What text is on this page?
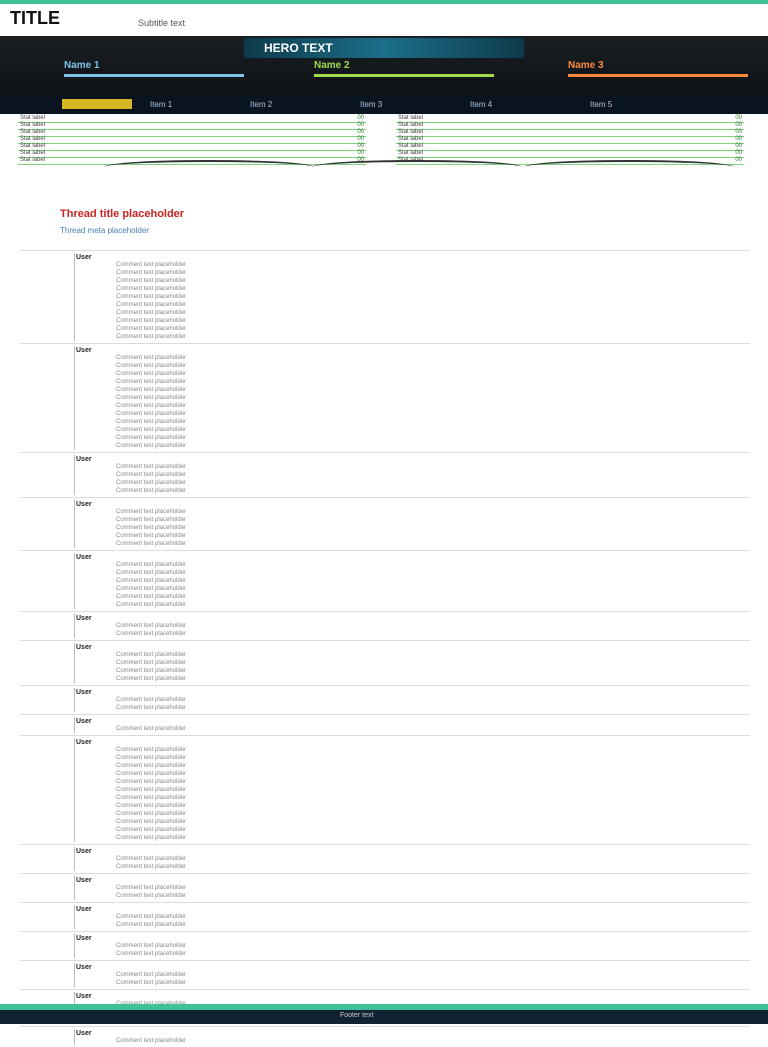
TITLE	Subtitle text
HERO TEXT
Name 1	Name 2	Name 3
Item 1	Item 2	Item 3	Item 4	Item 5
Stat label	00
Stat label	00
Stat label	00
Stat label	00
Stat label	00
Stat label	00
Stat label	00
Stat label	00
Stat label	00
Stat label	00
Stat label	00
Stat label	00
Stat label	00
Stat label	00
Thread title placeholder
Thread meta placeholder
User
Comment text placeholder
Comment text placeholder
Comment text placeholder
Comment text placeholder
Comment text placeholder
Comment text placeholder
Comment text placeholder
Comment text placeholder
Comment text placeholder
Comment text placeholder
User
Comment text placeholder
Comment text placeholder
Comment text placeholder
Comment text placeholder
Comment text placeholder
Comment text placeholder
Comment text placeholder
Comment text placeholder
Comment text placeholder
Comment text placeholder
Comment text placeholder
Comment text placeholder
User
Comment text placeholder
Comment text placeholder
Comment text placeholder
Comment text placeholder
User
Comment text placeholder
Comment text placeholder
Comment text placeholder
Comment text placeholder
Comment text placeholder
User
Comment text placeholder
Comment text placeholder
Comment text placeholder
Comment text placeholder
Comment text placeholder
Comment text placeholder
User
Comment text placeholder
Comment text placeholder
User
Comment text placeholder
Comment text placeholder
Comment text placeholder
Comment text placeholder
User
Comment text placeholder
Comment text placeholder
User
Comment text placeholder
User
Comment text placeholder
Comment text placeholder
Comment text placeholder
Comment text placeholder
Comment text placeholder
Comment text placeholder
Comment text placeholder
Comment text placeholder
Comment text placeholder
Comment text placeholder
Comment text placeholder
Comment text placeholder
User
Comment text placeholder
Comment text placeholder
User
Comment text placeholder
Comment text placeholder
User
Comment text placeholder
Comment text placeholder
User
Comment text placeholder
Comment text placeholder
User
Comment text placeholder
Comment text placeholder
User
User
Comment text placeholder
Footer text
